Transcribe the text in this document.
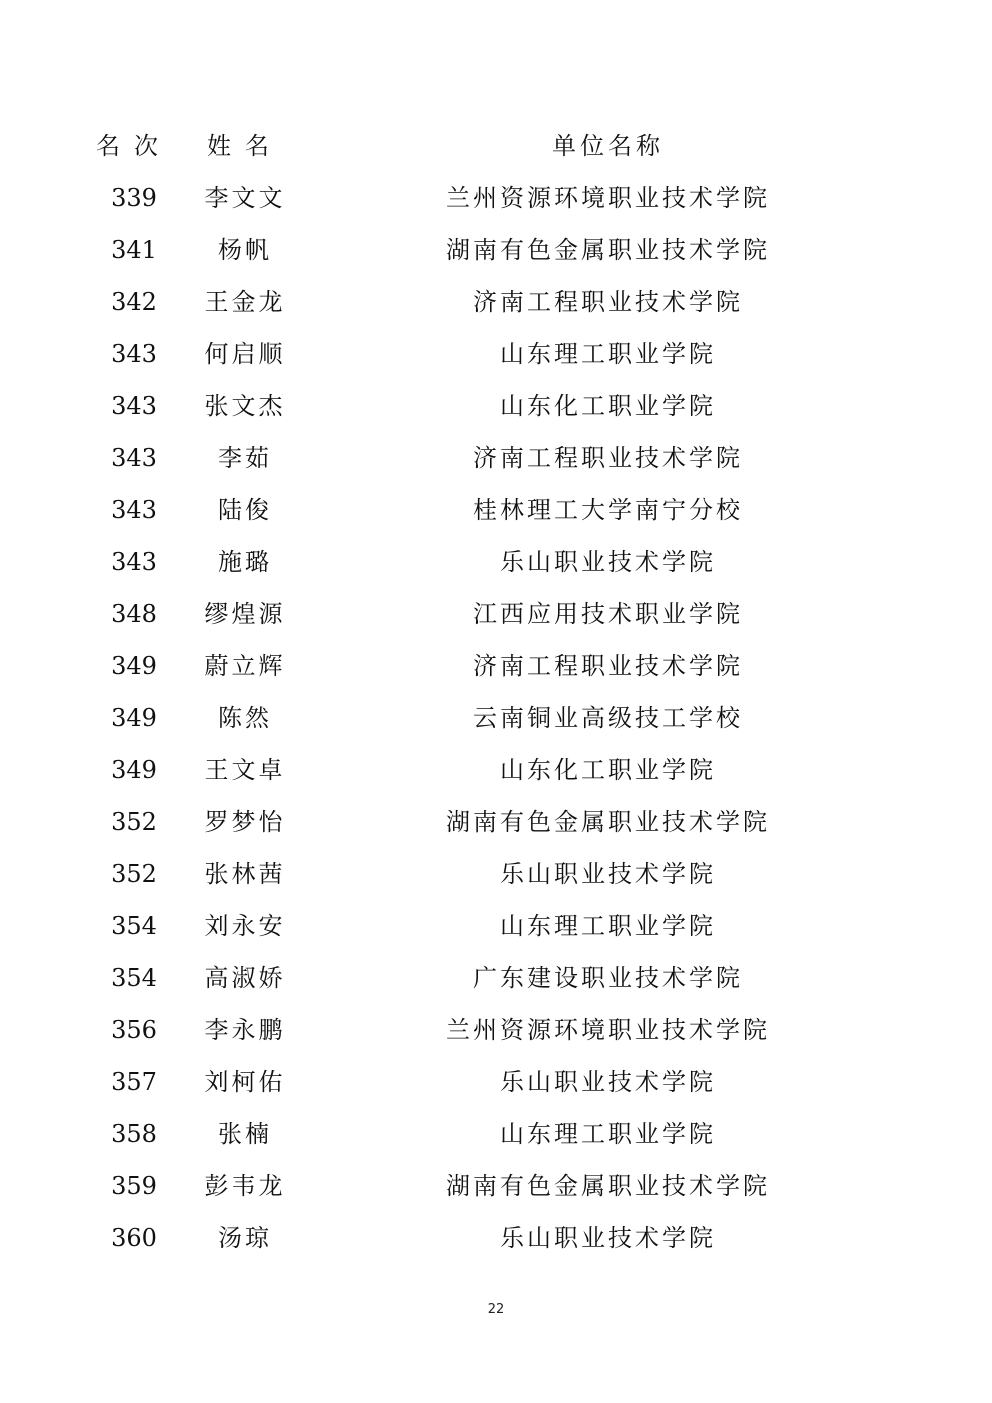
名次	姓名	单位名称
339	李文文	兰州资源环境职业技术学院
341	杨帆	湖南有色金属职业技术学院
342	王金龙	济南工程职业技术学院
343	何启顺	山东理工职业学院
343	张文杰	山东化工职业学院
343	李茹	济南工程职业技术学院
343	陆俊	桂林理工大学南宁分校
343	施璐	乐山职业技术学院
348	缪煌源	江西应用技术职业学院
349	蔚立辉	济南工程职业技术学院
349	陈然	云南铜业高级技工学校
349	王文卓	山东化工职业学院
352	罗梦怡	湖南有色金属职业技术学院
352	张林茜	乐山职业技术学院
354	刘永安	山东理工职业学院
354	高淑娇	广东建设职业技术学院
356	李永鹏	兰州资源环境职业技术学院
357	刘柯佑	乐山职业技术学院
358	张楠	山东理工职业学院
359	彭韦龙	湖南有色金属职业技术学院
360	汤琼	乐山职业技术学院
22
